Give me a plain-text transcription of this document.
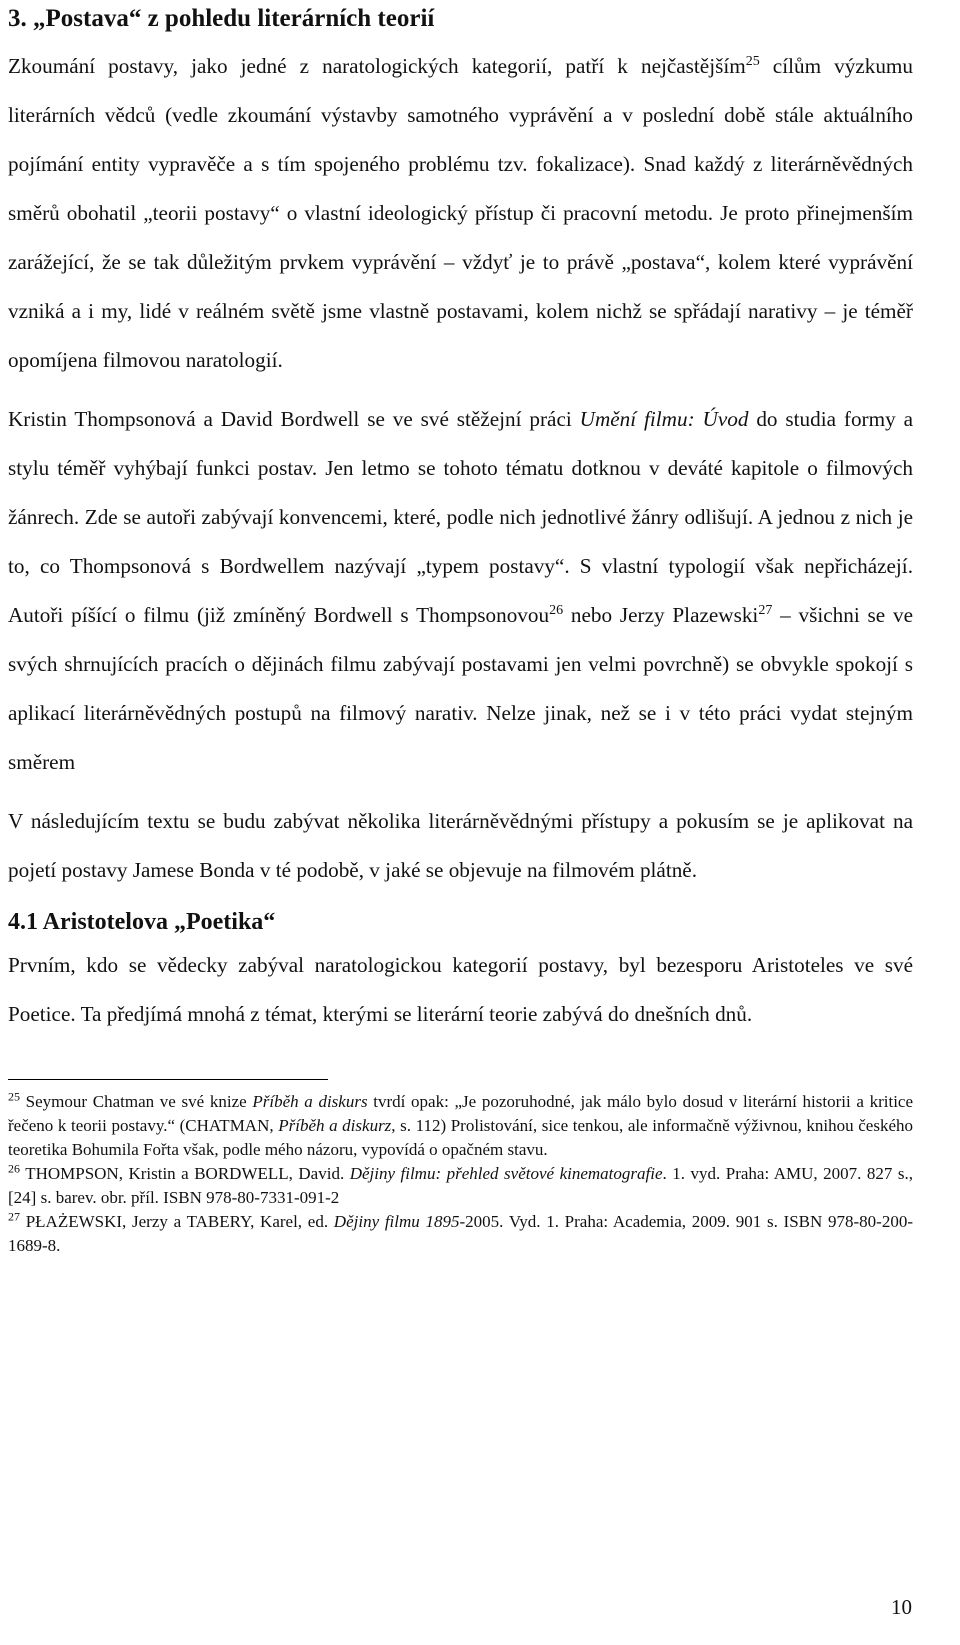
3. „Postava“ z pohledu literárních teorií

Zkoumání postavy, jako jedné z naratologických kategorií, patří k nejčastějším$^{25}$ cílům výzkumu literárních vědců (vedle zkoumání výstavby samotného vyprávění a v poslední době stále aktuálního pojímání entity vypravěče a s tím spojeného problému tzv. fokalizace). Snad každý z literárněvědných směrů obohatil „teorii postavy“ o vlastní ideologický přístup či pracovní metodu. Je proto přinejmenším zarážející, že se tak důležitým prvkem vyprávění – vždyť je to právě „postava“, kolem které vyprávění vzniká a i my, lidé v reálném světě jsme vlastně postavami, kolem nichž se spřádají narativy – je téměř opomíjena filmovou naratologií.

Kristin Thompsonová a David Bordwell se ve své stěžejní práci Umění filmu: Úvod do studia formy a stylu téměř vyhýbají funkci postav. Jen letmo se tohoto tématu dotknou v deváté kapitole o filmových žánrech. Zde se autoři zabývají konvencemi, které, podle nich jednotlivé žánry odlišují. A jednou z nich je to, co Thompsonová s Bordwellem nazývají „typem postavy“. S vlastní typologií však nepřicházejí. Autoři píšící o filmu (již zmíněný Bordwell s Thompsonovou$^{26}$ nebo Jerzy Plazewski$^{27}$ – všichni se ve svých shrnujících pracích o dějinách filmu zabývají postavami jen velmi povrchně) se obvykle spokojí s aplikací literárněvědných postupů na filmový narativ. Nelze jinak, než se i v této práci vydat stejným směrem

V následujícím textu se budu zabývat několika literárněvědnými přístupy a pokusím se je aplikovat na pojetí postavy Jamese Bonda v té podobě, v jaké se objevuje na filmovém plátně.

4.1 Aristotelova „Poetika“

Prvním, kdo se vědecky zabýval naratologickou kategorií postavy, byl bezesporu Aristoteles ve své Poetice. Ta předjímá mnohá z témat, kterými se literární teorie zabývá do dnešních dnů.

$^{25}$ Seymour Chatman ve své knize Příběh a diskurs tvrdí opak: „Je pozoruhodné, jak málo bylo dosud v literární historii a kritice řečeno k teorii postavy.“ (CHATMAN, Příběh a diskurz, s. 112) Prolistování, sice tenkou, ale informačně výživnou, knihou českého teoretika Bohumila Fořta však, podle mého názoru, vypovídá o opačném stavu.

$^{26}$ THOMPSON, Kristin a BORDWELL, David. Dějiny filmu: přehled světové kinematografie. 1. vyd. Praha: AMU, 2007. 827 s., [24] s. barev. obr. příl. ISBN 978-80-7331-091-2

$^{27}$ PŁAŻEWSKI, Jerzy a TABERY, Karel, ed. Dějiny filmu 1895-2005. Vyd. 1. Praha: Academia, 2009. 901 s. ISBN 978-80-200-1689-8.

10
